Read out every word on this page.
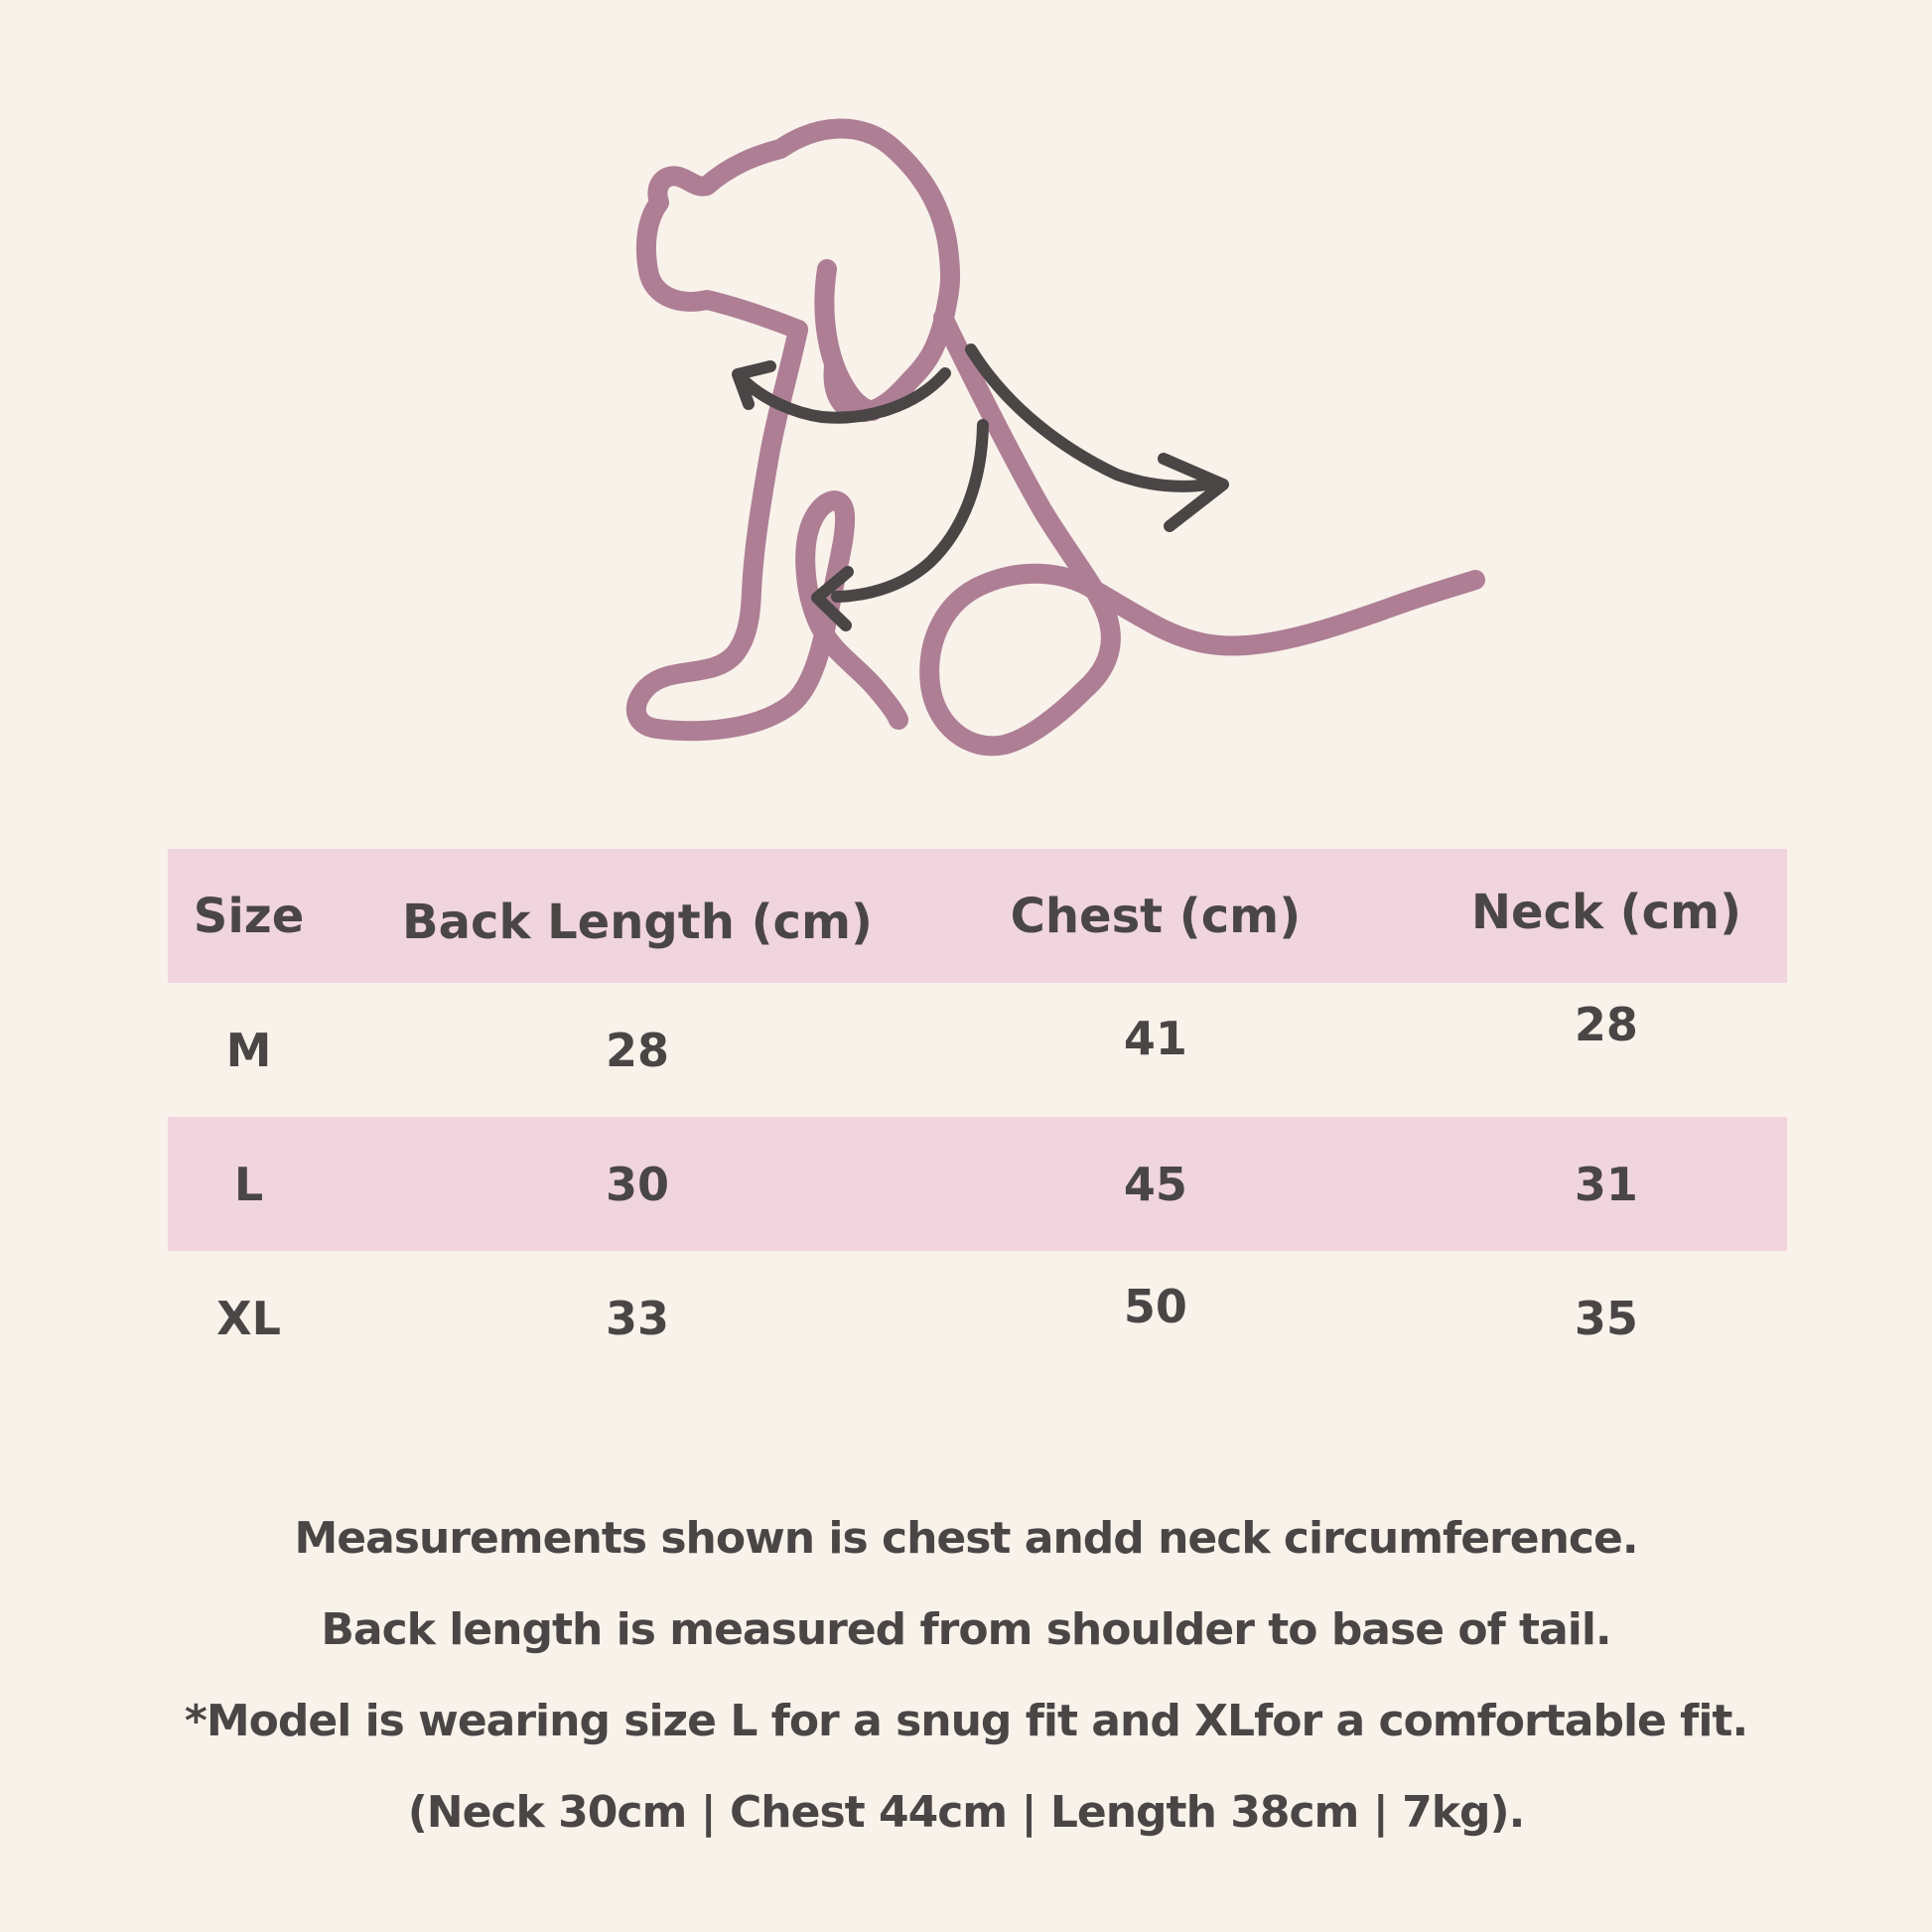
Size	Back Length (cm)	Chest (cm)	Neck (cm)
M	28	41	28
L	30	45	31
XL	33	50	35
Measurements shown is chest andd neck circumference.
Back length is measured from shoulder to base of tail.
*Model is wearing size L for a snug fit and XLfor a comfortable fit.
(Neck 30cm | Chest 44cm | Length 38cm | 7kg).
